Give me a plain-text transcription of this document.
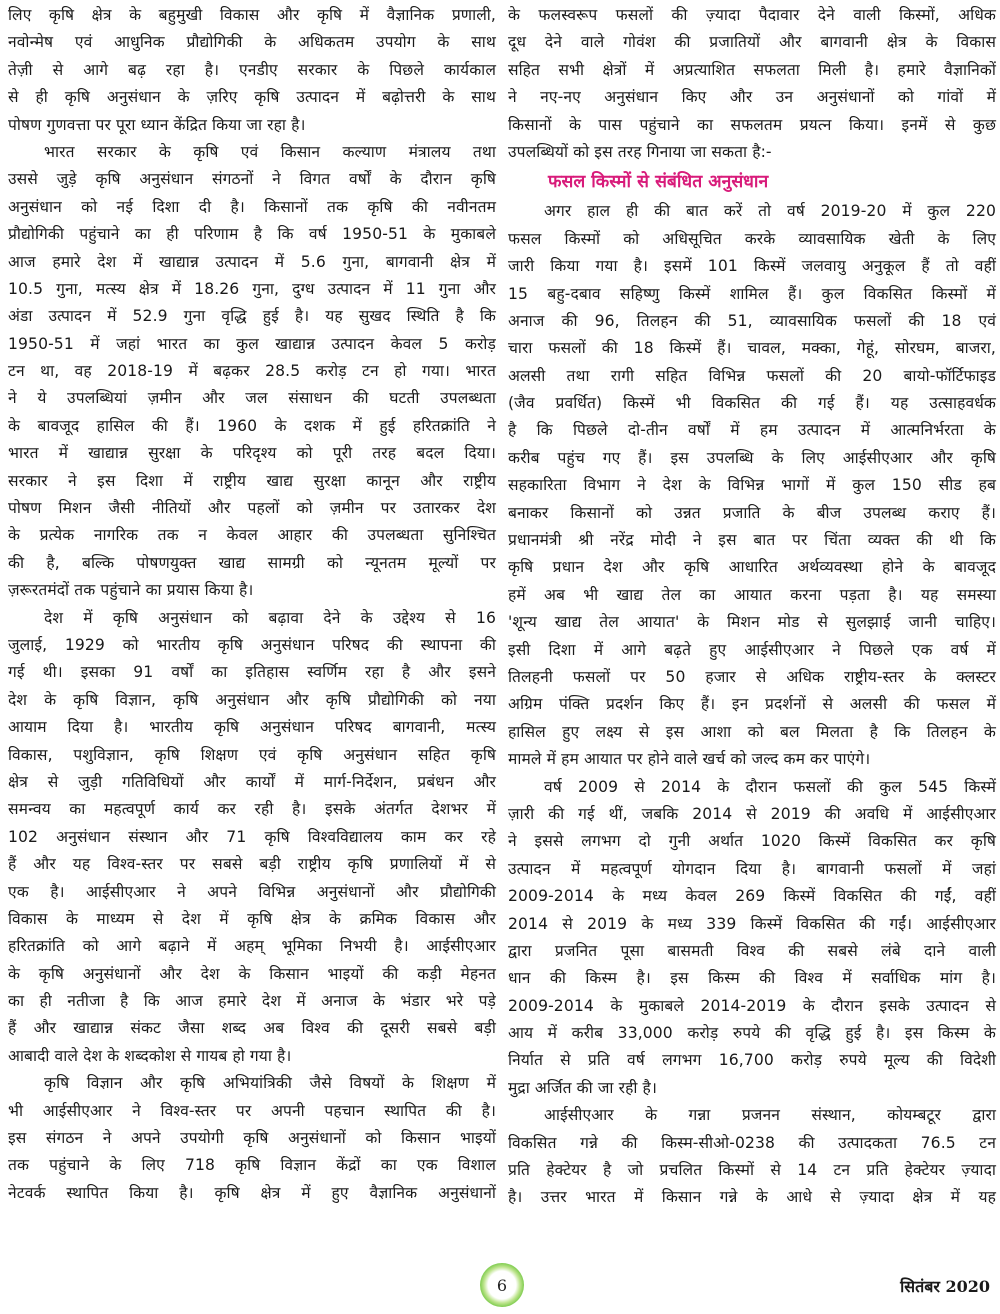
लिए कृषि क्षेत्र के बहुमुखी विकास और कृषि में वैज्ञानिक प्रणाली,
नवोन्मेष एवं आधुनिक प्रौद्योगिकी के अधिकतम उपयोग के साथ
तेज़ी से आगे बढ़ रहा है। एनडीए सरकार के पिछले कार्यकाल
से ही कृषि अनुसंधान के ज़रिए कृषि उत्पादन में बढ़ोत्तरी के साथ
पोषण गुणवत्ता पर पूरा ध्यान केंद्रित किया जा रहा है।
भारत सरकार के कृषि एवं किसान कल्याण मंत्रालय तथा
उससे जुड़े कृषि अनुसंधान संगठनों ने विगत वर्षों के दौरान कृषि
अनुसंधान को नई दिशा दी है। किसानों तक कृषि की नवीनतम
प्रौद्योगिकी पहुंचाने का ही परिणाम है कि वर्ष 1950-51 के मुकाबले
आज हमारे देश में खाद्यान्न उत्पादन में 5.6 गुना, बागवानी क्षेत्र में
10.5 गुना, मत्स्य क्षेत्र में 18.26 गुना, दुग्ध उत्पादन में 11 गुना और
अंडा उत्पादन में 52.9 गुना वृद्धि हुई है। यह सुखद स्थिति है कि
1950-51 में जहां भारत का कुल खाद्यान्न उत्पादन केवल 5 करोड़
टन था, वह 2018-19 में बढ़कर 28.5 करोड़ टन हो गया। भारत
ने ये उपलब्धियां ज़मीन और जल संसाधन की घटती उपलब्धता
के बावजूद हासिल की हैं। 1960 के दशक में हुई हरितक्रांति ने
भारत में खाद्यान्न सुरक्षा के परिदृश्य को पूरी तरह बदल दिया।
सरकार ने इस दिशा में राष्ट्रीय खाद्य सुरक्षा कानून और राष्ट्रीय
पोषण मिशन जैसी नीतियों और पहलों को ज़मीन पर उतारकर देश
के प्रत्येक नागरिक तक न केवल आहार की उपलब्धता सुनिश्चित
की है, बल्कि पोषणयुक्त खाद्य सामग्री को न्यूनतम मूल्यों पर
ज़रूरतमंदों तक पहुंचाने का प्रयास किया है।
देश में कृषि अनुसंधान को बढ़ावा देने के उद्देश्य से 16
जुलाई, 1929 को भारतीय कृषि अनुसंधान परिषद की स्थापना की
गई थी। इसका 91 वर्षों का इतिहास स्वर्णिम रहा है और इसने
देश के कृषि विज्ञान, कृषि अनुसंधान और कृषि प्रौद्योगिकी को नया
आयाम दिया है। भारतीय कृषि अनुसंधान परिषद बागवानी, मत्स्य
विकास, पशुविज्ञान, कृषि शिक्षण एवं कृषि अनुसंधान सहित कृषि
क्षेत्र से जुड़ी गतिविधियों और कार्यों में मार्ग-निर्देशन, प्रबंधन और
समन्वय का महत्वपूर्ण कार्य कर रही है। इसके अंतर्गत देशभर में
102 अनुसंधान संस्थान और 71 कृषि विश्वविद्यालय काम कर रहे
हैं और यह विश्व-स्तर पर सबसे बड़ी राष्ट्रीय कृषि प्रणालियों में से
एक है। आईसीएआर ने अपने विभिन्न अनुसंधानों और प्रौद्योगिकी
विकास के माध्यम से देश में कृषि क्षेत्र के क्रमिक विकास और
हरितक्रांति को आगे बढ़ाने में अहम् भूमिका निभयी है। आईसीएआर
के कृषि अनुसंधानों और देश के किसान भाइयों की कड़ी मेहनत
का ही नतीजा है कि आज हमारे देश में अनाज के भंडार भरे पड़े
हैं और खाद्यान्न संकट जैसा शब्द अब विश्व की दूसरी सबसे बड़ी
आबादी वाले देश के शब्दकोश से गायब हो गया है।
कृषि विज्ञान और कृषि अभियांत्रिकी जैसे विषयों के शिक्षण में
भी आईसीएआर ने विश्व-स्तर पर अपनी पहचान स्थापित की है।
इस संगठन ने अपने उपयोगी कृषि अनुसंधानों को किसान भाइयों
तक पहुंचाने के लिए 718 कृषि विज्ञान केंद्रों का एक विशाल
नेटवर्क स्थापित किया है। कृषि क्षेत्र में हुए वैज्ञानिक अनुसंधानों
के फलस्वरूप फसलों की ज़्यादा पैदावार देने वाली किस्मों, अधिक
दूध देने वाले गोवंश की प्रजातियों और बागवानी क्षेत्र के विकास
सहित सभी क्षेत्रों में अप्रत्याशित सफलता मिली है। हमारे वैज्ञानिकों
ने नए-नए अनुसंधान किए और उन अनुसंधानों को गांवों में
किसानों के पास पहुंचाने का सफलतम प्रयत्न किया। इनमें से कुछ
उपलब्धियों को इस तरह गिनाया जा सकता है:-
फसल किस्मों से संबंधित अनुसंधान
अगर हाल ही की बात करें तो वर्ष 2019-20 में कुल 220
फसल किस्मों को अधिसूचित करके व्यावसायिक खेती के लिए
जारी किया गया है। इसमें 101 किस्में जलवायु अनुकूल हैं तो वहीं
15 बहु-दबाव सहिष्णु किस्में शामिल हैं। कुल विकसित किस्मों में
अनाज की 96, तिलहन की 51, व्यावसायिक फसलों की 18 एवं
चारा फसलों की 18 किस्में हैं। चावल, मक्का, गेहूं, सोरघम, बाजरा,
अलसी तथा रागी सहित विभिन्न फसलों की 20 बायो-फॉर्टिफाइड
(जैव प्रवर्धित) किस्में भी विकसित की गई हैं। यह उत्साहवर्धक
है कि पिछले दो-तीन वर्षों में हम उत्पादन में आत्मनिर्भरता के
करीब पहुंच गए हैं। इस उपलब्धि के लिए आईसीएआर और कृषि
सहकारिता विभाग ने देश के विभिन्न भागों में कुल 150 सीड हब
बनाकर किसानों को उन्नत प्रजाति के बीज उपलब्ध कराए हैं।
प्रधानमंत्री श्री नरेंद्र मोदी ने इस बात पर चिंता व्यक्त की थी कि
कृषि प्रधान देश और कृषि आधारित अर्थव्यवस्था होने के बावजूद
हमें अब भी खाद्य तेल का आयात करना पड़ता है। यह समस्या
'शून्य खाद्य तेल आयात' के मिशन मोड से सुलझाई जानी चाहिए।
इसी दिशा में आगे बढ़ते हुए आईसीएआर ने पिछले एक वर्ष में
तिलहनी फसलों पर 50 हजार से अधिक राष्ट्रीय-स्तर के क्लस्टर
अग्रिम पंक्ति प्रदर्शन किए हैं। इन प्रदर्शनों से अलसी की फसल में
हासिल हुए लक्ष्य से इस आशा को बल मिलता है कि तिलहन के
मामले में हम आयात पर होने वाले खर्च को जल्द कम कर पाएंगे।
वर्ष 2009 से 2014 के दौरान फसलों की कुल 545 किस्में
ज़ारी की गई थीं, जबकि 2014 से 2019 की अवधि में आईसीएआर
ने इससे लगभग दो गुनी अर्थात 1020 किस्में विकसित कर कृषि
उत्पादन में महत्वपूर्ण योगदान दिया है। बागवानी फसलों में जहां
2009-2014 के मध्य केवल 269 किस्में विकसित की गईं, वहीं
2014 से 2019 के मध्य 339 किस्में विकसित की गईं। आईसीएआर
द्वारा प्रजनित पूसा बासमती विश्व की सबसे लंबे दाने वाली
धान की किस्म है। इस किस्म की विश्व में सर्वाधिक मांग है।
2009-2014 के मुकाबले 2014-2019 के दौरान इसके उत्पादन से
आय में करीब 33,000 करोड़ रुपये की वृद्धि हुई है। इस किस्म के
निर्यात से प्रति वर्ष लगभग 16,700 करोड़ रुपये मूल्य की विदेशी
मुद्रा अर्जित की जा रही है।
आईसीएआर के गन्ना प्रजनन संस्थान, कोयम्बटूर द्वारा
विकसित गन्ने की किस्म-सीओ-0238 की उत्पादकता 76.5 टन
प्रति हेक्टेयर है जो प्रचलित किस्मों से 14 टन प्रति हेक्टेयर ज़्यादा
है। उत्तर भारत में किसान गन्ने के आधे से ज़्यादा क्षेत्र में यह
6	सितंबर 2020
